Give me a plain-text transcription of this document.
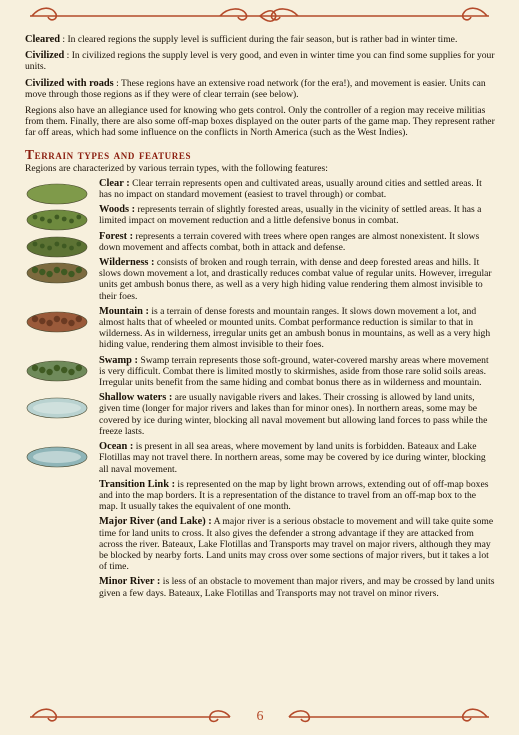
Cleared : In cleared regions the supply level is sufficient during the fair season, but is rather bad in winter time.

Civilized : In civilized regions the supply level is very good, and even in winter time you can find some supplies for your units.

Civilized with roads : These regions have an extensive road network (for the era!), and movement is easier. Units can move through those regions as if they were of clear terrain (see below).

Regions also have an allegiance used for knowing who gets control. Only the controller of a region may receive militias from them. Finally, there are also some off-map boxes displayed on the outer parts of the game map. They represent rather far off areas, which had some influence on the conflicts in North America (such as the West Indies).

Terrain types and features

Regions are characterized by various terrain types, with the following features:

Clear : Clear terrain represents open and cultivated areas, usually around cities and settled areas. It has no impact on standard movement (easiest to travel through) or combat.
Woods : represents terrain of slightly forested areas, usually in the vicinity of settled areas. It has a limited impact on movement reduction and a little defensive bonus in combat.
Forest : represents a terrain covered with trees where open ranges are almost nonexistent. It slows down movement and affects combat, both in attack and defense.
Wilderness : consists of broken and rough terrain, with dense and deep forested areas and hills. It slows down movement a lot, and drastically reduces combat value of regular units. However, irregular units get ambush bonus there, as well as a very high hiding value rendering them almost invisible to their foes.
Mountain : is a terrain of dense forests and mountain ranges. It slows down movement a lot, and almost halts that of wheeled or mounted units. Combat performance reduction is similar to that in wilderness. As in wilderness, irregular units get an ambush bonus in mountains, as well as a very high hiding value, rendering them almost invisible to their foes.
Swamp : Swamp terrain represents those soft-ground, water-covered marshy areas where movement is very difficult. Combat there is limited mostly to skirmishes, aside from those rare solid soils areas. Irregular units benefit from the same hiding and combat bonus there as in wilderness and mountain.
Shallow waters : are usually navigable rivers and lakes. Their crossing is allowed by land units, given time (longer for major rivers and lakes than for minor ones). In northern areas, some may be covered by ice during winter, blocking all naval movement but allowing land forces to pass while the freeze lasts.
Ocean : is present in all sea areas, where movement by land units is forbidden. Bateaux and Lake Flotillas may not travel there. In northern areas, some may be covered by ice during winter, blocking all naval movement.
Transition Link : is represented on the map by light brown arrows, extending out of off-map boxes and into the map borders. It is a representation of the distance to travel from an off-map box to the map. It usually takes the equivalent of one month.
Major River (and Lake) : A major river is a serious obstacle to movement and will take quite some time for land units to cross. It also gives the defender a strong advantage if they are attacked from across the river. Bateaux, Lake Flotillas and Transports may travel on major rivers, although they may be blocked by nearby forts. Land units may cross over some sections of major rivers, but it takes a lot of time.
Minor River : is less of an obstacle to movement than major rivers, and may be crossed by land units given a few days. Bateaux, Lake Flotillas and Transports may not travel on minor rivers.
6
